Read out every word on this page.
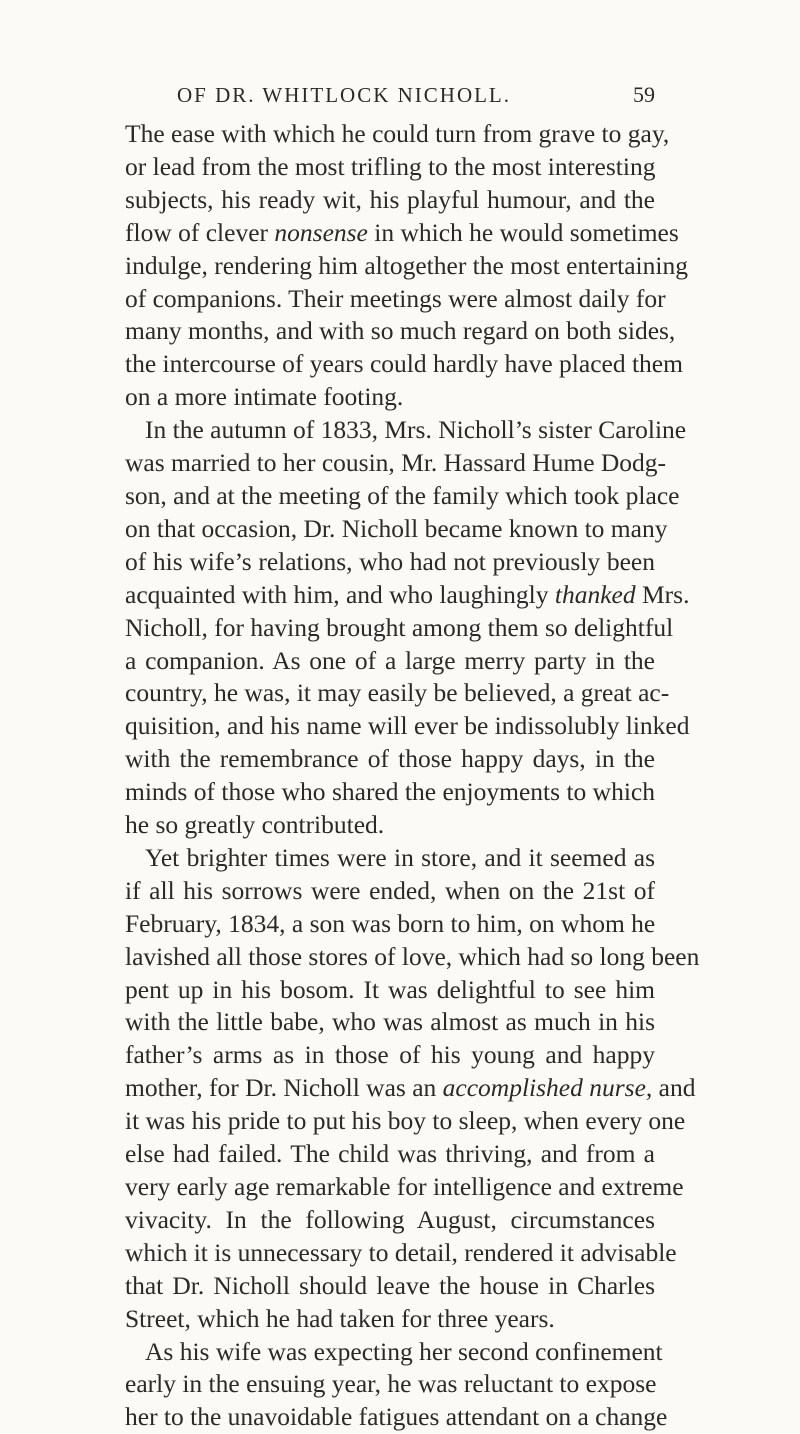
OF DR. WHITLOCK NICHOLL.	59
The ease with which he could turn from grave to gay,
or lead from the most trifling to the most interesting
subjects, his ready wit, his playful humour, and the
flow of clever nonsense in which he would sometimes
indulge, rendering him altogether the most entertaining
of companions. Their meetings were almost daily for
many months, and with so much regard on both sides,
the intercourse of years could hardly have placed them
on a more intimate footing.
In the autumn of 1833, Mrs. Nicholl’s sister Caroline
was married to her cousin, Mr. Hassard Hume Dodg-
son, and at the meeting of the family which took place
on that occasion, Dr. Nicholl became known to many
of his wife’s relations, who had not previously been
acquainted with him, and who laughingly thanked Mrs.
Nicholl, for having brought among them so delightful
a companion. As one of a large merry party in the
country, he was, it may easily be believed, a great ac-
quisition, and his name will ever be indissolubly linked
with the remembrance of those happy days, in the
minds of those who shared the enjoyments to which
he so greatly contributed.
Yet brighter times were in store, and it seemed as
if all his sorrows were ended, when on the 21st of
February, 1834, a son was born to him, on whom he
lavished all those stores of love, which had so long been
pent up in his bosom. It was delightful to see him
with the little babe, who was almost as much in his
father’s arms as in those of his young and happy
mother, for Dr. Nicholl was an accomplished nurse, and
it was his pride to put his boy to sleep, when every one
else had failed. The child was thriving, and from a
very early age remarkable for intelligence and extreme
vivacity. In the following August, circumstances
which it is unnecessary to detail, rendered it advisable
that Dr. Nicholl should leave the house in Charles
Street, which he had taken for three years.
As his wife was expecting her second confinement
early in the ensuing year, he was reluctant to expose
her to the unavoidable fatigues attendant on a change
